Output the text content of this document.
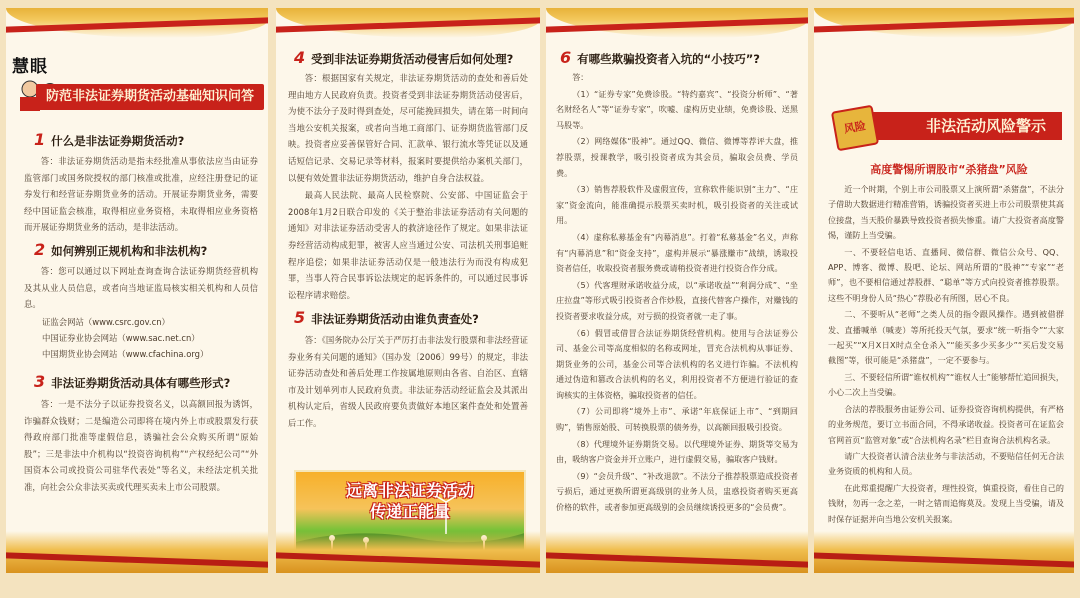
慧眼
防范非法证券期货活动基础知识问答
1 什么是非法证券期货活动?

答：非法证券期货活动是指未经批准从事依法应当由证券监管部门或国务院授权的部门核准或批准，应经注册登记的证券发行和经营证券期货业务的活动。开展证券期货业务，需要经中国证监会核准，取得相应业务资格，未取得相应业务资格而开展证券期货业务的活动，是非法活动。

2 如何辨别正规机构和非法机构?

答：您可以通过以下网址查询查询合法证券期货经营机构及其从业人员信息，或者向当地证监局核实相关机构和人员信息。

证监会网站（www.csrc.gov.cn）
中国证券业协会网站（www.sac.net.cn）
中国期货业协会网站（www.cfachina.org）
3 非法证券期货活动具体有哪些形式?

答：一是不法分子以证券投资名义，以高额回报为诱饵，诈骗群众钱财；二是编造公司即将在境内外上市或股票发行获得政府部门批准等虚假信息，诱骗社会公众购买所谓“原始股”；三是非法中介机构以“投资咨询机构”“产权经纪公司”“外国资本公司或投资公司驻华代表处”等名义，未经法定机关批准，向社会公众非法买卖或代理买卖未上市公司股票。

4 受到非法证券期货活动侵害后如何处理?

答：根据国家有关规定，非法证券期货活动的查处和善后处理由地方人民政府负责。投资者受到非法证券期货活动侵害后，为使不法分子及时得到查处，尽可能挽回损失，请在第一时间向当地公安机关报案，或者向当地工商部门、证券期货监管部门反映。投资者应妥善保管好合同、汇款单、银行流水等凭证以及通话短信记录、交易记录等材料，报案时要提供给办案机关部门，以便有效处置非法证券期货活动，维护自身合法权益。

最高人民法院、最高人民检察院、公安部、中国证监会于2008年1月2日联合印发的《关于整治非法证券活动有关问题的通知》对非法证券活动受害人的救济途径作了规定。如果非法证券经营活动构成犯罪，被害人应当通过公安、司法机关刑事追赃程序追偿；如果非法证券活动仅是一般违法行为而没有构成犯罪，当事人符合民事诉讼法规定的起诉条件的，可以通过民事诉讼程序请求赔偿。

5 非法证券期货活动由谁负责查处?

答：《国务院办公厅关于严厉打击非法发行股票和非法经营证券业务有关问题的通知》（国办发〔2006〕99号）的规定，非法证券活动查处和善后处理工作按属地原则由各省、自治区、直辖市及计划单列市人民政府负责。非法证券活动经证监会及其派出机构认定后，省级人民政府要负责做好本地区案件查处和处置善后工作。

远离非法证券活动
传递正能量
6 有哪些欺骗投资者入坑的“小技巧”?

答：

（1）“证券专家”免费诊股。“特约嘉宾”、“投资分析师”、“著名财经名人”等“证券专家”，吹嘘、虚构历史业绩，免费诊股、送黑马股等。

（2）网络媒体“股神”。通过QQ、微信、微博等荐评大盘，推荐股票，授课教学，吸引投资者成为其会员，骗取会员费、学员费。

（3）销售荐股软件及虚假宣传，宣称软件能识别“主力”、“庄家”资金流向，能准确提示股票买卖时机，吸引投资者的关注或试用。

（4）虚称私募基金有“内幕消息”。打着“私募基金”名义，声称有“内幕消息”和“资金支持”，虚构并展示“暴涨赚市”战绩，诱取投资者信任，收取投资者服务费或请稍投资者进行投资合作分成。

（5）代客理财承诺收益分成，以“承诺收益”“利润分成”、“坐庄拉盘”等形式吸引投资者合作炒股，直接代替客户操作，对赚钱的投资者要求收益分成，对亏损的投资者就一走了事。

（6）假冒或借冒合法证券期货经营机构。使用与合法证券公司、基金公司等高度相似的名称或网址，冒充合法机构从事证券、期货业务的公司，基金公司等合法机构的名义进行诈骗。不法机构通过伪造和篡改合法机构的名义，利用投资者不方便进行验证的查询核实的主体资格，骗取投资者的信任。

（7）公司即将“境外上市”、承诺“年底保证上市”、“到期回购”，销售原始股、可转换股票的债务券，以高额回报吸引投资。

（8）代理境外证券期货交易。以代理境外证券、期货等交易为由，吸纳客户资金并开立账户，进行虚假交易，骗取客户钱财。

（9）“会员升级”、“补改退款”。不法分子推荐股票造成投资者亏损后，通过更换所谓更高级别的业务人员，盅惑投资者购买更高价格的软件，或者参加更高级别的会员继续诱投更多的“会员费”。

非法活动风险警示
风险
高度警惕所谓股市“杀猪盘”风险

近一个时期，个别上市公司股票又上演所谓“杀猪盘”，不法分子借助大数据进行精准营销，诱骗投资者买进上市公司股票使其高位接盘，当天股价暴跌导致投资者损失惨重。请广大投资者高度警惕，谨防上当受骗。

一、不要轻信电话、直播间、微信群、微信公众号、QQ、APP、博客、微博、股吧、论坛、网站所谓的“股神”“专家”“老师”，也不要相信通过荐股群、“聪单”等方式向投资者推荐股票。这些不明身份人员“热心”荐股必有所图，居心不良。

二、不要听从“老师”之类人员的指令跟风操作。遇到被借群发、直播喊单（喊麦）等所托投天气氛，要求“统一听指令”“大家一起买”“X月X日X时点全仓杀入”“能买多少买多少”“买后发交易截图”等，很可能是“杀猪盘”，一定不要参与。

三、不要轻信所谓“谁权机构”“谁权人士”能够帮忙追回损失，小心二次上当受骗。

合法的荐股服务由证券公司、证券投资咨询机构提供，有严格的业务规范，要订立书面合同，不得承诺收益。投资者可在证监会官网首页“监管对象”或“合法机构名录”栏目查询合法机构名录。

请广大投资者认清合法业务与非法活动，不要贴信任何无合法业务资质的机构和人员。

在此郑重提醒广大投资者，理性投资，慎重投资，看住自己的钱财，勿再一念之差，一时之错而追悔莫及。发现上当受骗，请及时保存证据并向当地公安机关报案。
